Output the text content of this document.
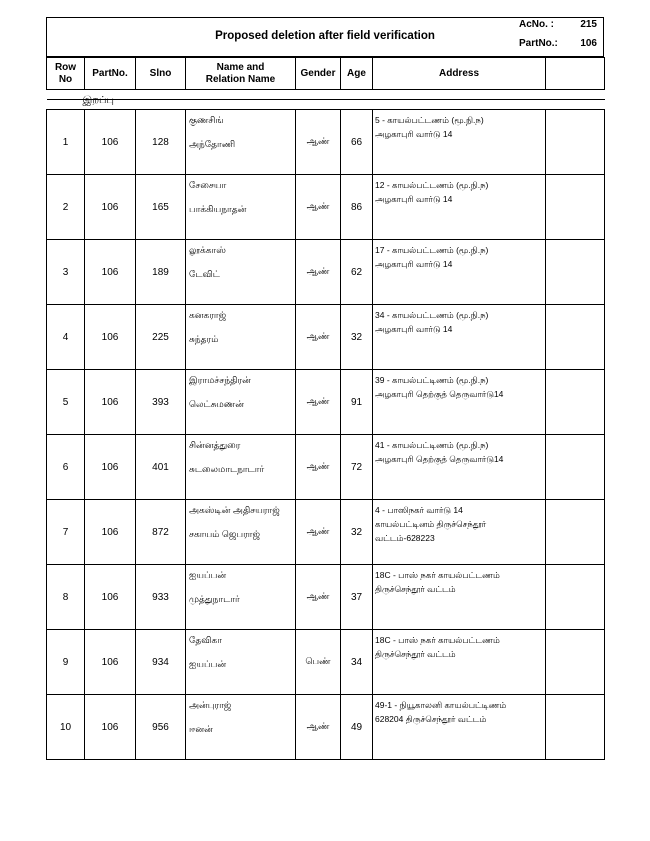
Proposed deletion after field verification
AcNo. :	215
PartNo.: 106
Row No	PartNo.	Slno	Name and Relation Name	Gender	Age	Address	

இறப்பு							

1	106	128	குணசிங்
அந்தோணி	ஆண்	66	5 - காயல்பட்டணம் (மூ.நி.ந)
அழகாபுரி வார்டு 14	

2	106	165	சேசையா
பாக்கியநாதன்	ஆண்	86	12 - காயல்பட்டணம் (மூ.நி.ந)
அழகாபுரி வார்டு 14	

3	106	189	லூக்காஸ்
டேவிட்	ஆண்	62	17 - காயல்பட்டணம் (மூ.நி.ந)
அழகாபுரி வார்டு 14	

4	106	225	கனகராஜ்
சுந்தரம்	ஆண்	32	34 - காயல்பட்டணம் (மூ.நி.ந)
அழகாபுரி வார்டு 14	

5	106	393	இராமச்சந்திரன்
லெட்சுமணன்	ஆண்	91	39 - காயல்பட்டிணம் (மூ.நி.ந)
அழகாபுரி தெற்குத் தெருவார்டு14	

6	106	401	சின்னத்துரை
சுடலைமாடநாடார்	ஆண்	72	41 - காயல்பட்டிணம் (மூ.நி.ந)
அழகாபுரி தெற்குத் தெருவார்டு14	

7	106	872	அகஸ்டின் அதிசயராஜ்
சகாயம் ஜெபராஜ்	ஆண்	32	4 - பாஸிநகர் வார்டு 14
காயல்பட்டினம் திருச்செந்தூர்
வட்டம்-628223	

8	106	933	ஐயப்பன்
முத்துநாடார்	ஆண்	37	18C - பாஸ் நகர் காயல்பட்டணம்
திருச்செந்தூர் வட்டம்	

9	106	934	தேவிகா
ஐயப்பன்	பெண்	34	18C - பாஸ் நகர் காயல்பட்டணம்
திருச்செந்தூர் வட்டம்	

10	106	956	அன்புராஜ்
ஈனன்	ஆண்	49	49-1 - நியூகாலனி காயல்பட்டிணம்
628204 திருச்செந்தூர் வட்டம்	
